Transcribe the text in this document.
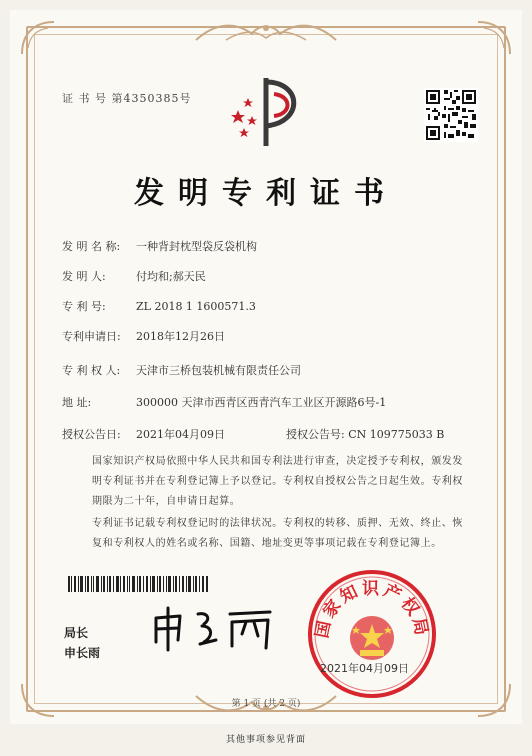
证 书 号 第4350385号
发明专利证书
发 明 名 称: 一种背封枕型袋反袋机构
发 明 人:	付均和;郝天民
专 利 号:	ZL 2018 1 1600571.3
专利申请日: 2018年12月26日
专 利 权 人: 天津市三桥包装机械有限责任公司
地 址:	300000 天津市西青区西青汽车工业区开源路6号-1
授权公告日: 2021年04月09日	授权公告号: CN 109775033 B
国家知识产权局依照中华人民共和国专利法进行审查，决定授予专利权，颁发发明专利证书并在专利登记簿上予以登记。专利权自授权公告之日起生效。专利权期限为二十年，自申请日起算。
专利证书记载专利权登记时的法律状况。专利权的转移、质押、无效、终止、恢复和专利权人的姓名或名称、国籍、地址变更等事项记载在专利登记簿上。
局长
申长雨
国家知识产权局
2021年04月09日
第 1 页 (共 2 页)
其他事项参见背面
